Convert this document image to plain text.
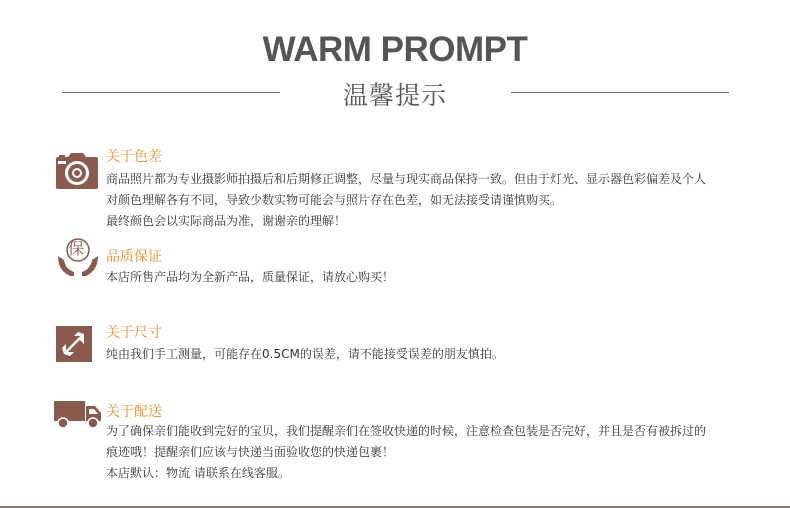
WARM PROMPT
温馨提示
关于色差

商品照片都为专业摄影师拍摄后和后期修正调整，尽量与现实商品保持一致。但由于灯光、显示器色彩偏差及个人

对颜色理解各有不同，导致少数实物可能会与照片存在色差，如无法接受请谨慎购买。

最终颜色会以实际商品为准，谢谢亲的理解！

保 品质保证

本店所售产品均为全新产品，质量保证，请放心购买！

关于尺寸

纯由我们手工测量，可能存在0.5CM的误差，请不能接受误差的朋友慎拍。

关于配送

为了确保亲们能收到完好的宝贝，我们提醒亲们在签收快递的时候，注意检查包装是否完好，并且是否有被拆过的

痕迹哦！提醒亲们应该与快递当面验收您的快递包裹！

本店默认：物流 请联系在线客服。
